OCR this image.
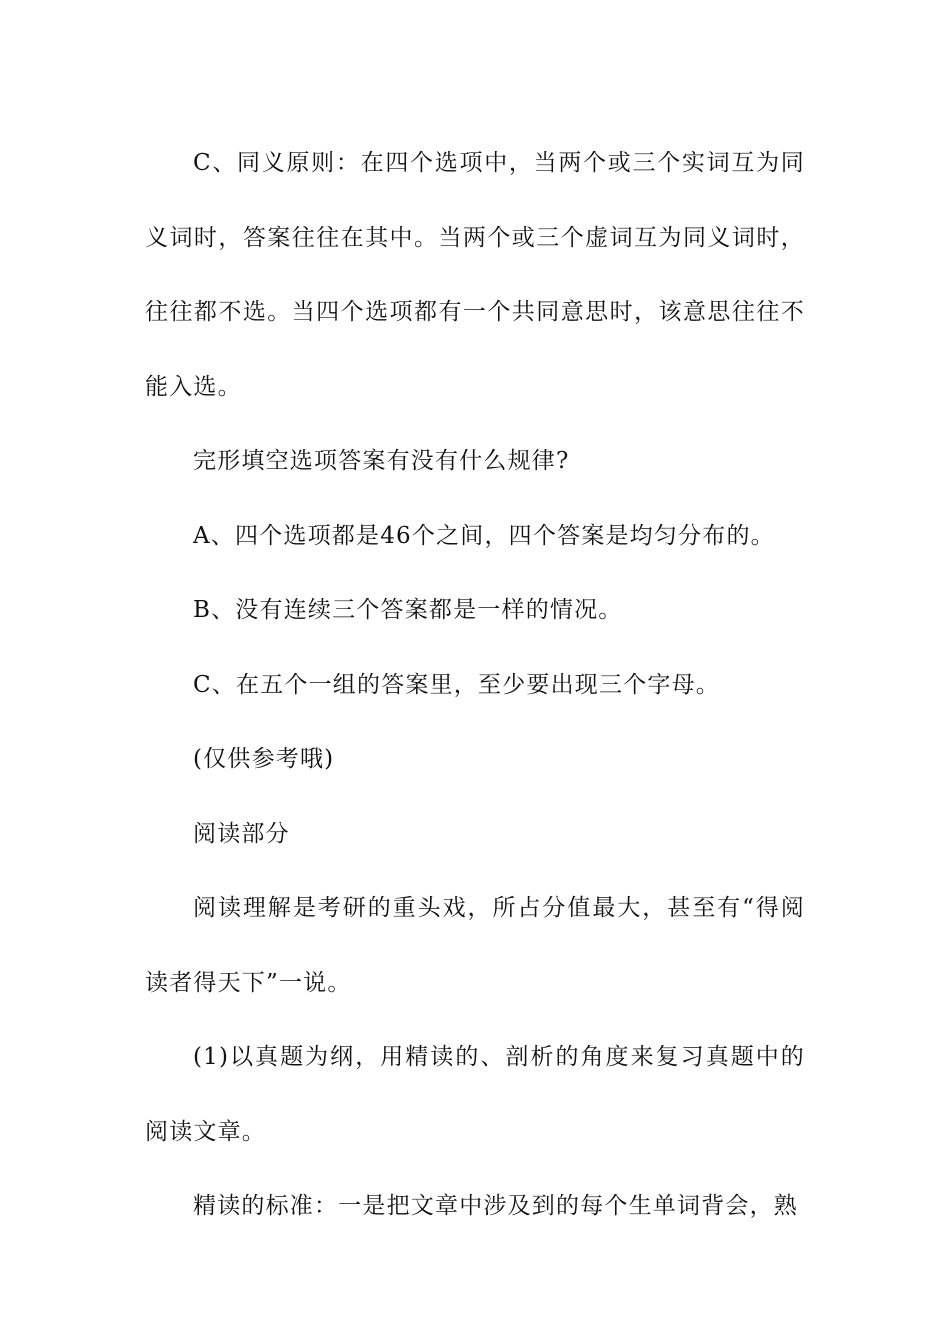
C、同义原则：在四个选项中，当两个或三个实词互为同义词时，答案往往在其中。当两个或三个虚词互为同义词时，往往都不选。当四个选项都有一个共同意思时，该意思往往不能入选。

完形填空选项答案有没有什么规律?

A、四个选项都是46个之间，四个答案是均匀分布的。

B、没有连续三个答案都是一样的情况。

C、在五个一组的答案里，至少要出现三个字母。

(仅供参考哦)

阅读部分

阅读理解是考研的重头戏，所占分值最大，甚至有“得阅读者得天下”一说。

(1)以真题为纲，用精读的、剖析的角度来复习真题中的阅读文章。

精读的标准：一是把文章中涉及到的每个生单词背会，熟
